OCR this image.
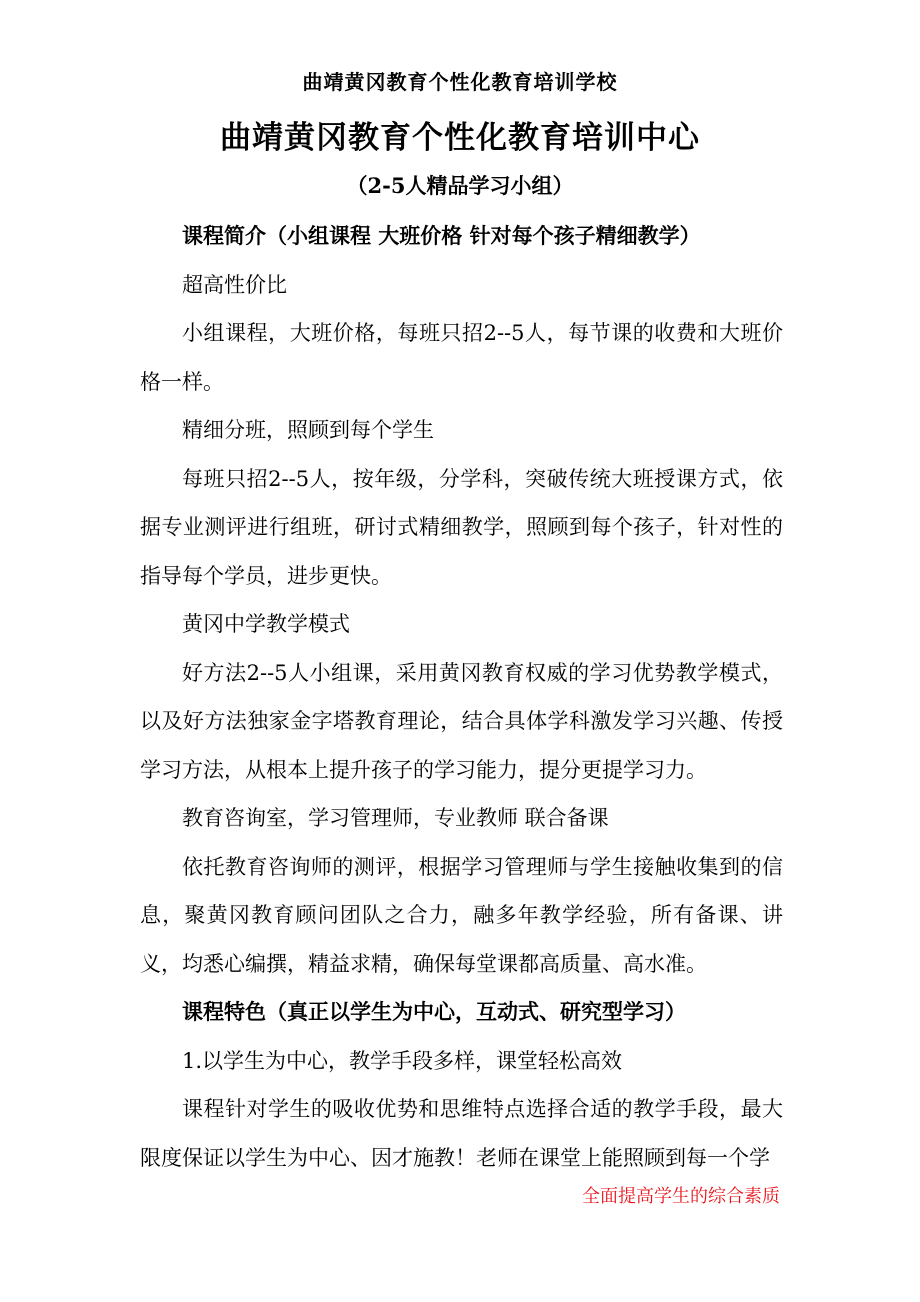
曲靖黄冈教育个性化教育培训学校
曲靖黄冈教育个性化教育培训中心
（2-5人精品学习小组）

课程简介（小组课程 大班价格 针对每个孩子精细教学）

超高性价比

小组课程，大班价格，每班只招2--5人，每节课的收费和大班价格一样。

精细分班，照顾到每个学生

每班只招2--5人，按年级，分学科，突破传统大班授课方式，依据专业测评进行组班，研讨式精细教学，照顾到每个孩子，针对性的指导每个学员，进步更快。

黄冈中学教学模式

好方法2--5人小组课，采用黄冈教育权威的学习优势教学模式，以及好方法独家金字塔教育理论，结合具体学科激发学习兴趣、传授学习方法，从根本上提升孩子的学习能力，提分更提学习力。

教育咨询室，学习管理师，专业教师 联合备课

依托教育咨询师的测评，根据学习管理师与学生接触收集到的信息，聚黄冈教育顾问团队之合力，融多年教学经验，所有备课、讲义，均悉心编撰，精益求精，确保每堂课都高质量、高水准。

课程特色（真正以学生为中心，互动式、研究型学习）

1.以学生为中心，教学手段多样，课堂轻松高效

课程针对学生的吸收优势和思维特点选择合适的教学手段，最大限度保证以学生为中心、因才施教！老师在课堂上能照顾到每一个学

全面提高学生的综合素质
